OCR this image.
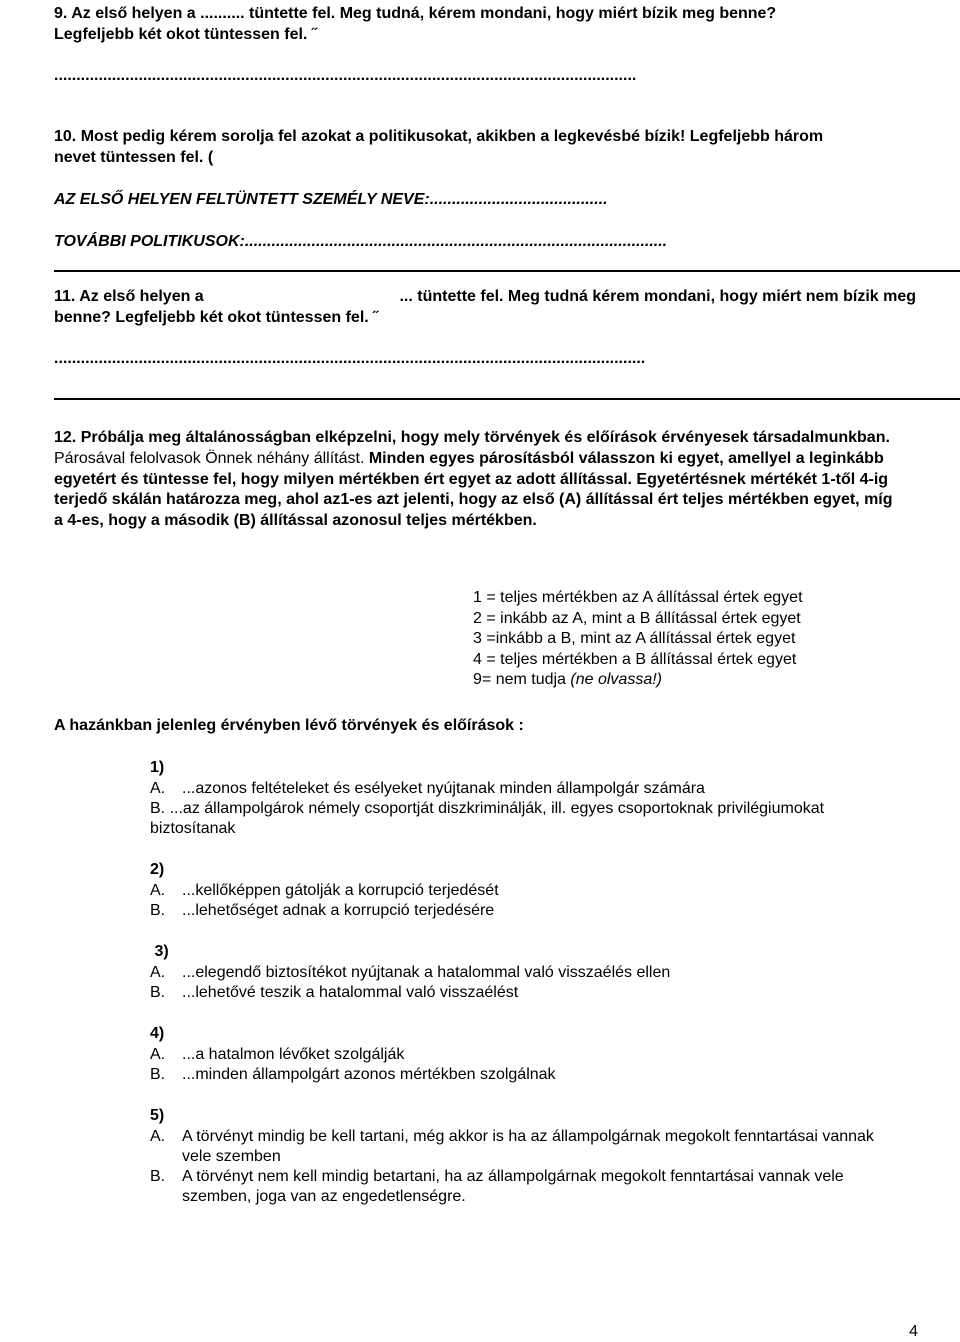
9. Az első helyen a .......... tüntette fel. Meg tudná, kérem mondani, hogy miért bízik meg benne?
Legfeljebb két okot tüntessen fel. ˝
...................................................................................................................................
10. Most pedig kérem sorolja fel azokat a politikusokat, akikben a legkevésbé bízik! Legfeljebb három
nevet tüntessen fel. (
AZ ELSŐ HELYEN FELTÜNTETT SZEMÉLY NEVE:........................................
TOVÁBBI POLITIKUSOK:...............................................................................................
11. Az első helyen a	... tüntette fel. Meg tudná kérem mondani, hogy miért nem bízik meg
benne? Legfeljebb két okot tüntessen fel. ˝
.....................................................................................................................................
12. Próbálja meg általánosságban elképzelni, hogy mely törvények és előírások érvényesek társadalmunkban. Párosával felolvasok Önnek néhány állítást. Minden egyes párosításból válasszon ki egyet, amellyel a leginkább egyetért és tüntesse fel, hogy milyen mértékben ért egyet az adott állítással. Egyetértésnek mértékét 1-től 4-ig terjedő skálán határozza meg, ahol az1-es azt jelenti, hogy az első (A) állítással ért teljes mértékben egyet, míg a 4-es, hogy a második (B) állítással azonosul teljes mértékben.
1 = teljes mértékben az A állítással értek egyet
2 = inkább az A, mint a B állítással értek egyet
3 =inkább a B, mint az A állítással értek egyet
4 = teljes mértékben a B állítással értek egyet
9= nem tudja (ne olvassa!)
A hazánkban jelenleg érvényben lévő törvények és előírások :
1)
A.	...azonos feltételeket és esélyeket nyújtanak minden állampolgár számára
B. ...az állampolgárok némely csoportját diszkriminálják, ill. egyes csoportoknak privilégiumokat biztosítanak
2)
A.	...kellőképpen gátolják a korrupció terjedését
B.	...lehetőséget adnak a korrupció terjedésére
3)
A.	...elegendő biztosítékot nyújtanak a hatalommal való visszaélés ellen
B.	...lehetővé teszik a hatalommal való visszaélést
4)
A.	...a hatalmon lévőket szolgálják
B.	...minden állampolgárt azonos mértékben szolgálnak
5)
A.	A törvényt mindig be kell tartani, még akkor is ha az állampolgárnak megokolt fenntartásai vannak vele szemben
B.	A törvényt nem kell mindig betartani, ha az állampolgárnak megokolt fenntartásai vannak vele szemben, joga van az engedetlenségre.
4
